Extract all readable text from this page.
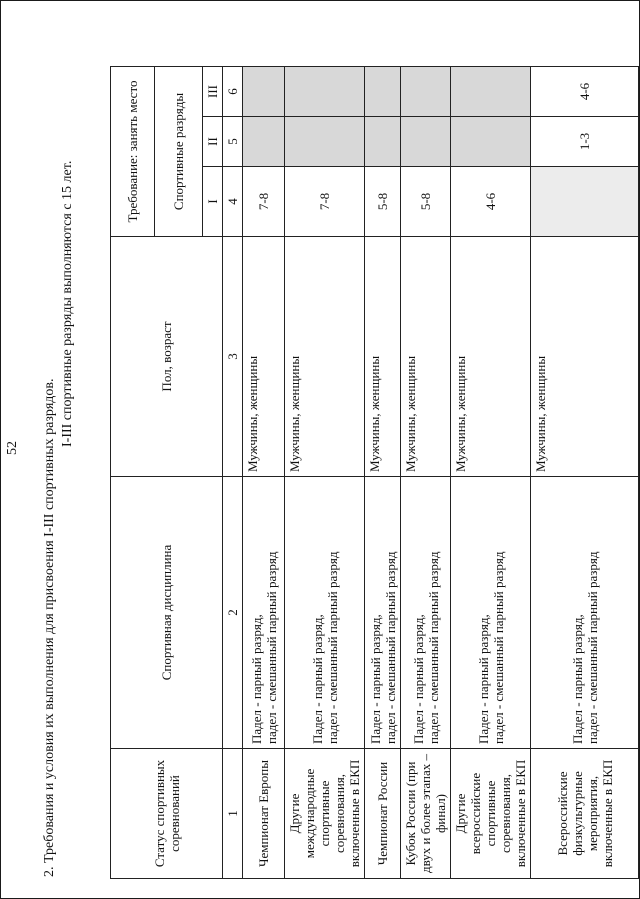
52 2. Требования и условия их выполнения для присвоения I-III спортивных разрядов.
I-III спортивные разряды выполняются с 15 лет.
Статус спортивных соревнований	Спортивная дисциплина	Пол, возраст	Требование: занять место		
			Спортивные разряды		
			I	II	III
1	2	3	4	5	6
Чемпионат Европы	Падел - парный разряд, падел - смешанный парный разряд	Мужчины, женщины	7-8		
Другие международные спортивные соревнования, включенные в ЕКП	Падел - парный разряд, падел - смешанный парный разряд	Мужчины, женщины	7-8		
Чемпионат России	Падел - парный разряд, падел - смешанный парный разряд	Мужчины, женщины	5-8		
Кубок России (при двух и более этапах – финал)	Падел - парный разряд, падел - смешанный парный разряд	Мужчины, женщины	5-8		
Другие всероссийские спортивные соревнования, включенные в ЕКП	Падел - парный разряд, падел - смешанный парный разряд	Мужчины, женщины	4-6		
Всероссийские физкультурные мероприятия, включенные в ЕКП	Падел - парный разряд, падел - смешанный парный разряд	Мужчины, женщины		1-3	4-6
